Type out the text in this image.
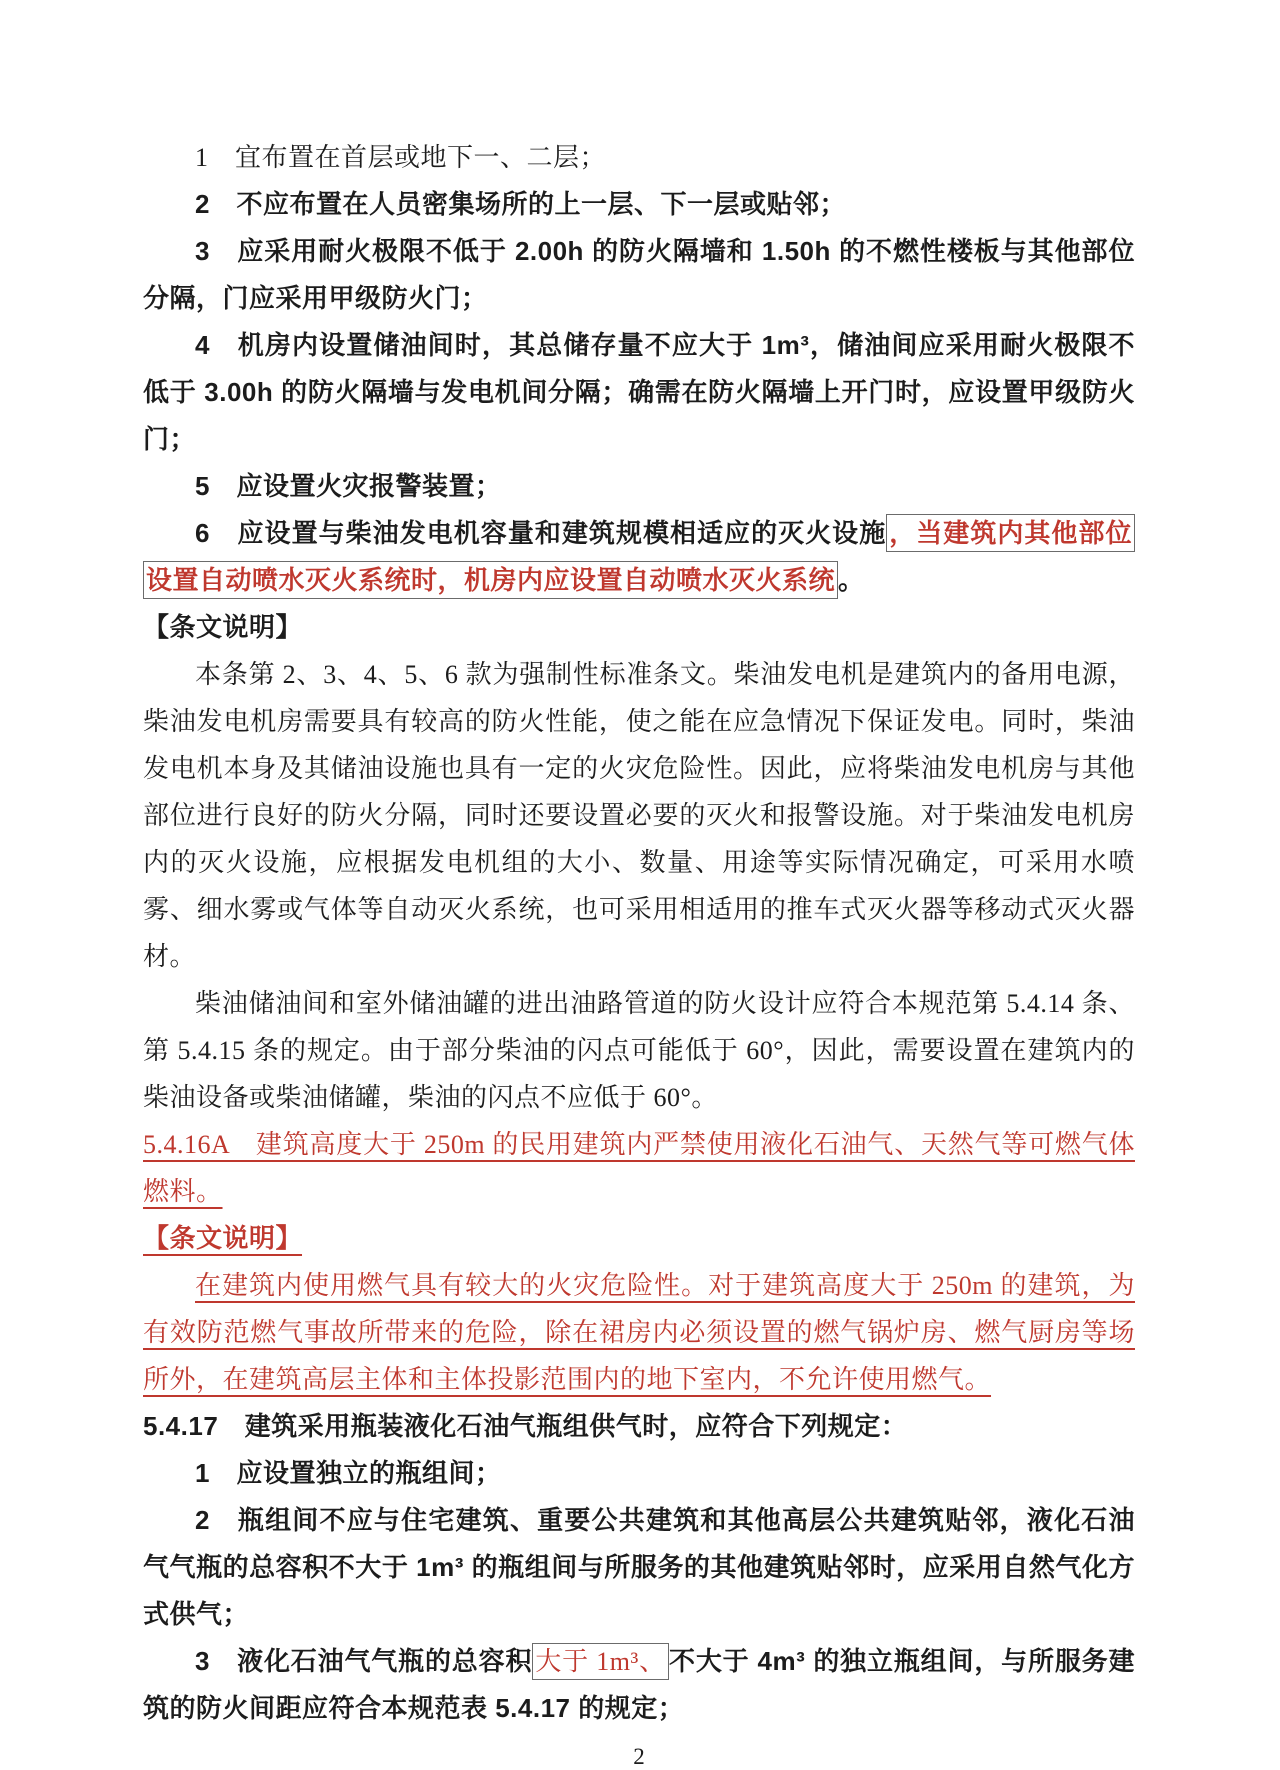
1　宜布置在首层或地下一、二层；

2　不应布置在人员密集场所的上一层、下一层或贴邻；

3　应采用耐火极限不低于 2.00h 的防火隔墙和 1.50h 的不燃性楼板与其他部位分隔，门应采用甲级防火门；

4　机房内设置储油间时，其总储存量不应大于 1m³，储油间应采用耐火极限不低于 3.00h 的防火隔墙与发电机间分隔；确需在防火隔墙上开门时，应设置甲级防火门；

5　应设置火灾报警装置；

6　应设置与柴油发电机容量和建筑规模相适应的灭火设施 ，当建筑内其他部位设置自动喷水灭火系统时，机房内应设置自动喷水灭火系统 。

【条文说明】

本条第 2、3、4、5、6 款为强制性标准条文。柴油发电机是建筑内的备用电源，柴油发电机房需要具有较高的防火性能，使之能在应急情况下保证发电。同时，柴油发电机本身及其储油设施也具有一定的火灾危险性。因此，应将柴油发电机房与其他部位进行良好的防火分隔，同时还要设置必要的灭火和报警设施。对于柴油发电机房内的灭火设施，应根据发电机组的大小、数量、用途等实际情况确定，可采用水喷雾、细水雾或气体等自动灭火系统，也可采用相适用的推车式灭火器等移动式灭火器材。

柴油储油间和室外储油罐的进出油路管道的防火设计应符合本规范第 5.4.14 条、第 5.4.15 条的规定。由于部分柴油的闪点可能低于 60°，因此，需要设置在建筑内的柴油设备或柴油储罐，柴油的闪点不应低于 60°。

5.4.16A　建筑高度大于 250m 的民用建筑内严禁使用液化石油气、天然气等可燃气体燃料。

【条文说明】

在建筑内使用燃气具有较大的火灾危险性。对于建筑高度大于 250m 的建筑，为有效防范燃气事故所带来的危险，除在裙房内必须设置的燃气锅炉房、燃气厨房等场所外，在建筑高层主体和主体投影范围内的地下室内，不允许使用燃气。

5.4.17　建筑采用瓶装液化石油气瓶组供气时，应符合下列规定：

1　应设置独立的瓶组间；

2　瓶组间不应与住宅建筑、重要公共建筑和其他高层公共建筑贴邻，液化石油气气瓶的总容积不大于 1m³ 的瓶组间与所服务的其他建筑贴邻时，应采用自然气化方式供气；

3　液化石油气气瓶的总容积 大于 1m³、 不大于 4m³ 的独立瓶组间，与所服务建筑的防火间距应符合本规范表 5.4.17 的规定；

2
